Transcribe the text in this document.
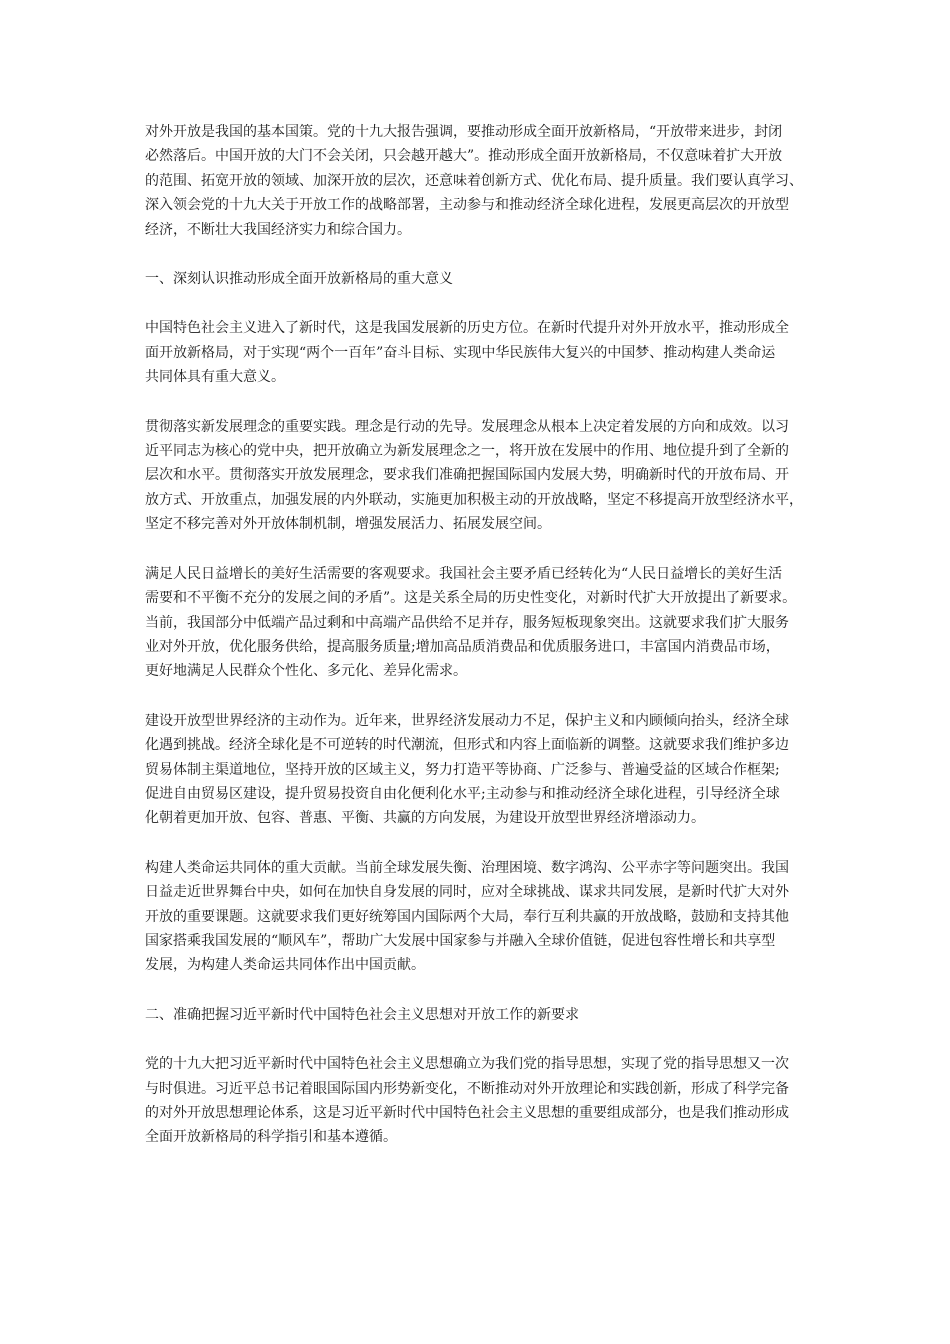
对外开放是我国的基本国策。党的十九大报告强调，要推动形成全面开放新格局，“开放带来进步，封闭
必然落后。中国开放的大门不会关闭，只会越开越大”。推动形成全面开放新格局，不仅意味着扩大开放
的范围、拓宽开放的领域、加深开放的层次，还意味着创新方式、优化布局、提升质量。我们要认真学习、
深入领会党的十九大关于开放工作的战略部署，主动参与和推动经济全球化进程，发展更高层次的开放型
经济，不断壮大我国经济实力和综合国力。

一、深刻认识推动形成全面开放新格局的重大意义

中国特色社会主义进入了新时代，这是我国发展新的历史方位。在新时代提升对外开放水平，推动形成全
面开放新格局，对于实现“两个一百年”奋斗目标、实现中华民族伟大复兴的中国梦、推动构建人类命运
共同体具有重大意义。

贯彻落实新发展理念的重要实践。理念是行动的先导。发展理念从根本上决定着发展的方向和成效。以习
近平同志为核心的党中央，把开放确立为新发展理念之一，将开放在发展中的作用、地位提升到了全新的
层次和水平。贯彻落实开放发展理念，要求我们准确把握国际国内发展大势，明确新时代的开放布局、开
放方式、开放重点，加强发展的内外联动，实施更加积极主动的开放战略，坚定不移提高开放型经济水平，
坚定不移完善对外开放体制机制，增强发展活力、拓展发展空间。

满足人民日益增长的美好生活需要的客观要求。我国社会主要矛盾已经转化为“人民日益增长的美好生活
需要和不平衡不充分的发展之间的矛盾”。这是关系全局的历史性变化，对新时代扩大开放提出了新要求。
当前，我国部分中低端产品过剩和中高端产品供给不足并存，服务短板现象突出。这就要求我们扩大服务
业对外开放，优化服务供给，提高服务质量;增加高品质消费品和优质服务进口，丰富国内消费品市场，
更好地满足人民群众个性化、多元化、差异化需求。

建设开放型世界经济的主动作为。近年来，世界经济发展动力不足，保护主义和内顾倾向抬头，经济全球
化遇到挑战。经济全球化是不可逆转的时代潮流，但形式和内容上面临新的调整。这就要求我们维护多边
贸易体制主渠道地位，坚持开放的区域主义，努力打造平等协商、广泛参与、普遍受益的区域合作框架;
促进自由贸易区建设，提升贸易投资自由化便利化水平;主动参与和推动经济全球化进程，引导经济全球
化朝着更加开放、包容、普惠、平衡、共赢的方向发展，为建设开放型世界经济增添动力。

构建人类命运共同体的重大贡献。当前全球发展失衡、治理困境、数字鸿沟、公平赤字等问题突出。我国
日益走近世界舞台中央，如何在加快自身发展的同时，应对全球挑战、谋求共同发展，是新时代扩大对外
开放的重要课题。这就要求我们更好统筹国内国际两个大局，奉行互利共赢的开放战略，鼓励和支持其他
国家搭乘我国发展的“顺风车”，帮助广大发展中国家参与并融入全球价值链，促进包容性增长和共享型
发展，为构建人类命运共同体作出中国贡献。

二、准确把握习近平新时代中国特色社会主义思想对开放工作的新要求

党的十九大把习近平新时代中国特色社会主义思想确立为我们党的指导思想，实现了党的指导思想又一次
与时俱进。习近平总书记着眼国际国内形势新变化，不断推动对外开放理论和实践创新，形成了科学完备
的对外开放思想理论体系，这是习近平新时代中国特色社会主义思想的重要组成部分，也是我们推动形成
全面开放新格局的科学指引和基本遵循。
